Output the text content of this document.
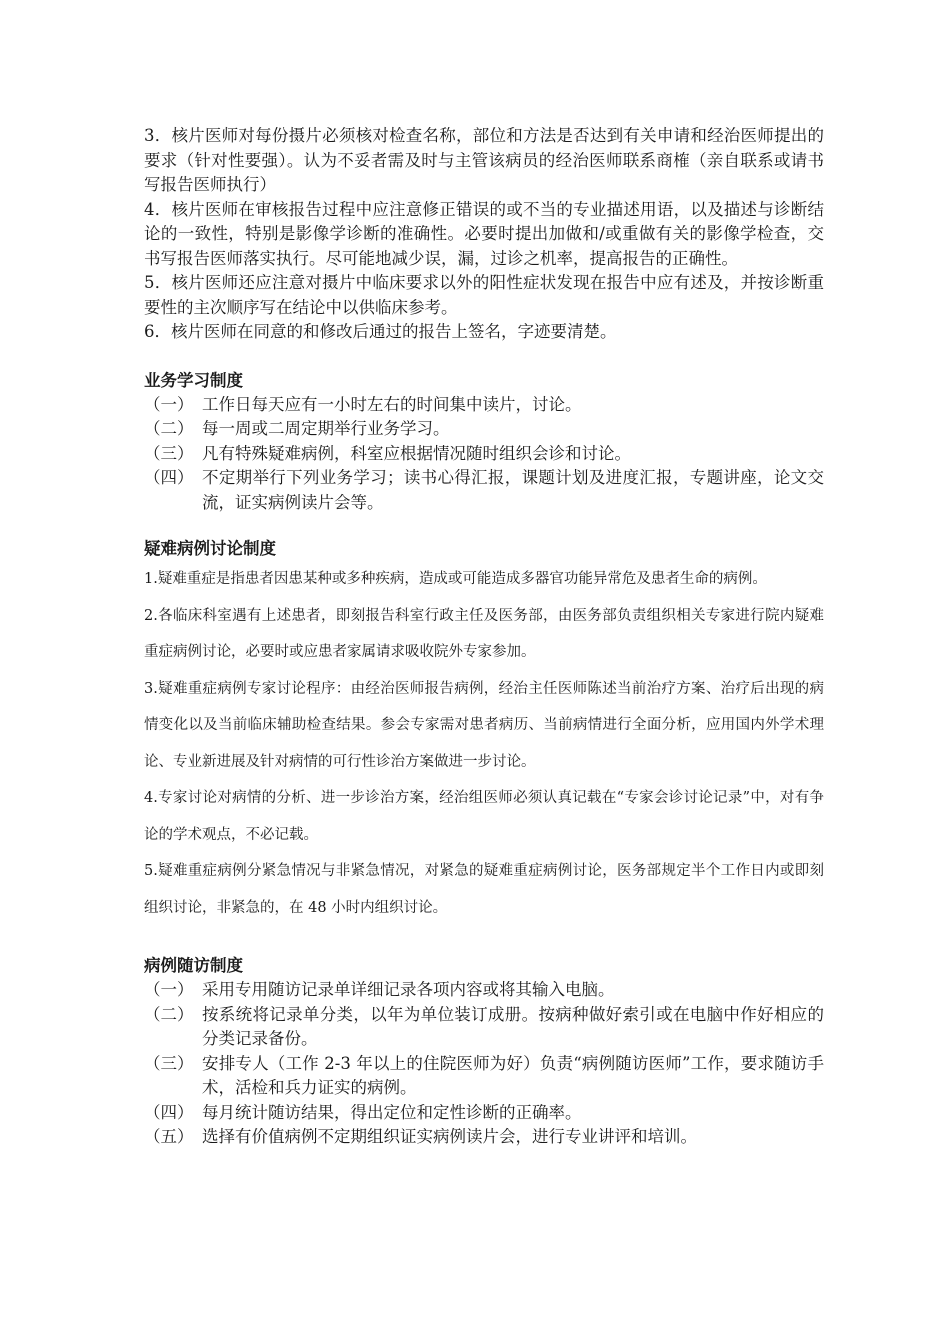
3．核片医师对每份摄片必须核对检查名称，部位和方法是否达到有关申请和经治医师提出的要求（针对性要强）。认为不妥者需及时与主管该病员的经治医师联系商榷（亲自联系或请书写报告医师执行）

4．核片医师在审核报告过程中应注意修正错误的或不当的专业描述用语，以及描述与诊断结论的一致性，特别是影像学诊断的准确性。必要时提出加做和/或重做有关的影像学检查，交书写报告医师落实执行。尽可能地减少误，漏，过诊之机率，提高报告的正确性。

5．核片医师还应注意对摄片中临床要求以外的阳性症状发现在报告中应有述及，并按诊断重要性的主次顺序写在结论中以供临床参考。

6．核片医师在同意的和修改后通过的报告上签名，字迹要清楚。

业务学习制度

（一） 工作日每天应有一小时左右的时间集中读片，讨论。
（二） 每一周或二周定期举行业务学习。
（三） 凡有特殊疑难病例，科室应根据情况随时组织会诊和讨论。
（四） 不定期举行下列业务学习；读书心得汇报，课题计划及进度汇报，专题讲座，论文交流，证实病例读片会等。

疑难病例讨论制度

1.疑难重症是指患者因患某种或多种疾病，造成或可能造成多器官功能异常危及患者生命的病例。

2.各临床科室遇有上述患者，即刻报告科室行政主任及医务部，由医务部负责组织相关专家进行院内疑难重症病例讨论，必要时或应患者家属请求吸收院外专家参加。

3.疑难重症病例专家讨论程序：由经治医师报告病例，经治主任医师陈述当前治疗方案、治疗后出现的病情变化以及当前临床辅助检查结果。参会专家需对患者病历、当前病情进行全面分析，应用国内外学术理论、专业新进展及针对病情的可行性诊治方案做进一步讨论。

4.专家讨论对病情的分析、进一步诊治方案，经治组医师必须认真记载在“专家会诊讨论记录”中，对有争论的学术观点，不必记载。

5.疑难重症病例分紧急情况与非紧急情况，对紧急的疑难重症病例讨论，医务部规定半个工作日内或即刻组织讨论，非紧急的，在 48 小时内组织讨论。

病例随访制度

（一） 采用专用随访记录单详细记录各项内容或将其输入电脑。
（二） 按系统将记录单分类，以年为单位装订成册。按病种做好索引或在电脑中作好相应的分类记录备份。
（三） 安排专人（工作 2-3 年以上的住院医师为好）负责“病例随访医师”工作，要求随访手术，活检和兵力证实的病例。
（四） 每月统计随访结果，得出定位和定性诊断的正确率。
（五） 选择有价值病例不定期组织证实病例读片会，进行专业讲评和培训。
